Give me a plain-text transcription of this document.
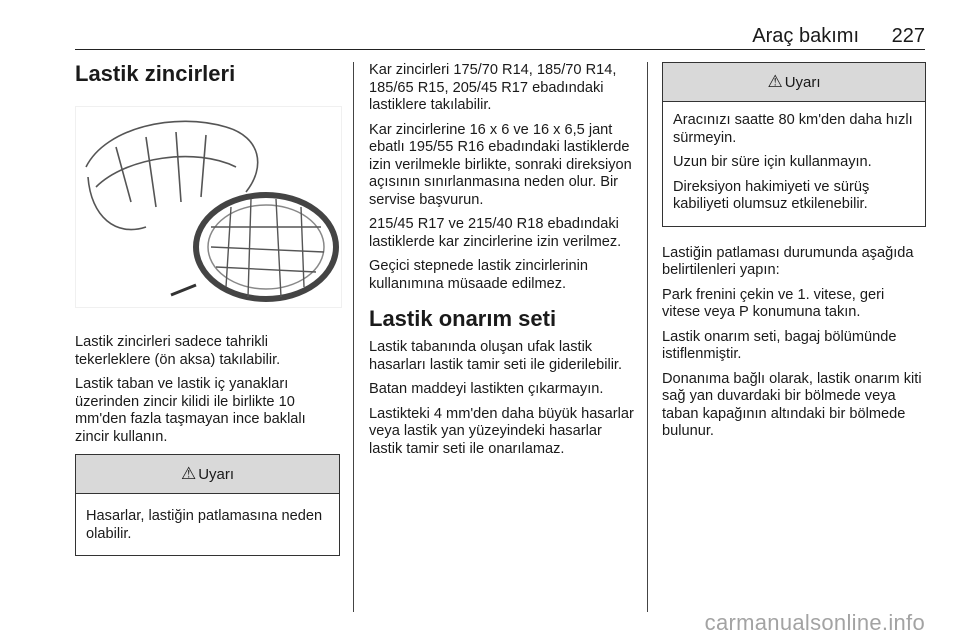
Araç bakımı 227
Lastik zincirleri

Lastik zincirleri sadece tahrikli tekerleklere (ön aksa) takılabilir.

Lastik taban ve lastik iç yanakları üzerinden zincir kilidi ile birlikte 10 mm'den fazla taşmayan ince baklalı zincir kullanın.

⚠ Uyarı

Hasarlar, lastiğin patlamasına neden olabilir.

Kar zincirleri 175/70 R14, 185/70 R14, 185/65 R15, 205/45 R17 ebadındaki lastiklere takılabilir.

Kar zincirlerine 16 x 6 ve 16 x 6,5 jant ebatlı 195/55 R16 ebadındaki lastiklerde izin verilmekle birlikte, sonraki direksiyon açısının sınırlanmasına neden olur. Bir servise başvurun.

215/45 R17 ve 215/40 R18 ebadındaki lastiklerde kar zincirlerine izin verilmez.

Geçici stepnede lastik zincirlerinin kullanımına müsaade edilmez.

Lastik onarım seti

Lastik tabanında oluşan ufak lastik hasarları lastik tamir seti ile giderilebilir.

Batan maddeyi lastikten çıkarmayın.

Lastikteki 4 mm'den daha büyük hasarlar veya lastik yan yüzeyindeki hasarlar lastik tamir seti ile onarılamaz.

⚠ Uyarı

Aracınızı saatte 80 km'den daha hızlı sürmeyin.

Uzun bir süre için kullanmayın.

Direksiyon hakimiyeti ve sürüş kabiliyeti olumsuz etkilenebilir.

Lastiğin patlaması durumunda aşağıda belirtilenleri yapın:

Park frenini çekin ve 1. vitese, geri vitese veya P konumuna takın.

Lastik onarım seti, bagaj bölümünde istiflenmiştir.

Donanıma bağlı olarak, lastik onarım kiti sağ yan duvardaki bir bölmede veya taban kapağının altındaki bir bölmede bulunur.

carmanualsonline.info
